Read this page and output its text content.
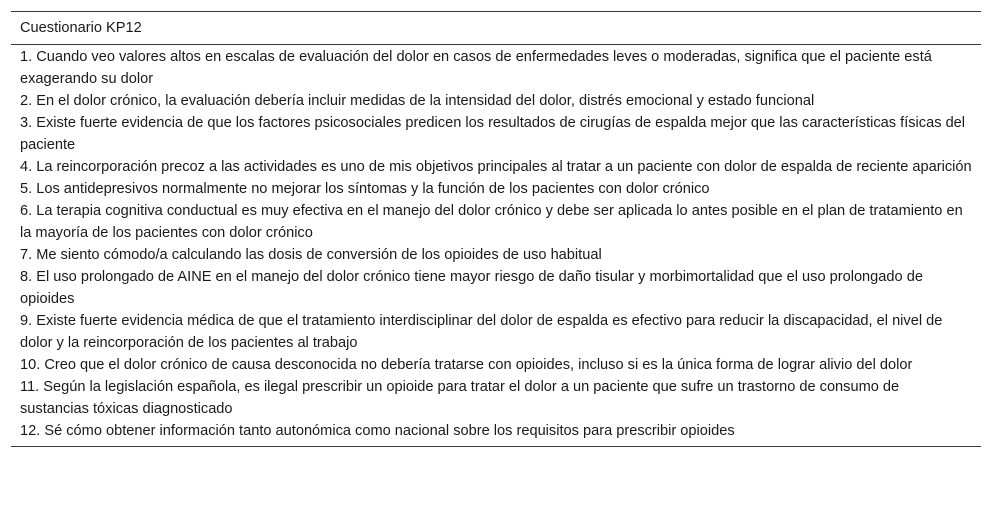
Cuestionario KP12
1. Cuando veo valores altos en escalas de evaluación del dolor en casos de enfermedades leves o moderadas, significa que el paciente está exagerando su dolor
2. En el dolor crónico, la evaluación debería incluir medidas de la intensidad del dolor, distrés emocional y estado funcional
3. Existe fuerte evidencia de que los factores psicosociales predicen los resultados de cirugías de espalda mejor que las características físicas del paciente
4. La reincorporación precoz a las actividades es uno de mis objetivos principales al tratar a un paciente con dolor de espalda de reciente aparición
5. Los antidepresivos normalmente no mejorar los síntomas y la función de los pacientes con dolor crónico
6. La terapia cognitiva conductual es muy efectiva en el manejo del dolor crónico y debe ser aplicada lo antes posible en el plan de tratamiento en la mayoría de los pacientes con dolor crónico
7. Me siento cómodo/a calculando las dosis de conversión de los opioides de uso habitual
8. El uso prolongado de AINE en el manejo del dolor crónico tiene mayor riesgo de daño tisular y morbimortalidad que el uso prolongado de opioides
9. Existe fuerte evidencia médica de que el tratamiento interdisciplinar del dolor de espalda es efectivo para reducir la discapacidad, el nivel de dolor y la reincorporación de los pacientes al trabajo
10. Creo que el dolor crónico de causa desconocida no debería tratarse con opioides, incluso si es la única forma de lograr alivio del dolor
11. Según la legislación española, es ilegal prescribir un opioide para tratar el dolor a un paciente que sufre un trastorno de consumo de sustancias tóxicas diagnosticado
12. Sé cómo obtener información tanto autonómica como nacional sobre los requisitos para prescribir opioides
